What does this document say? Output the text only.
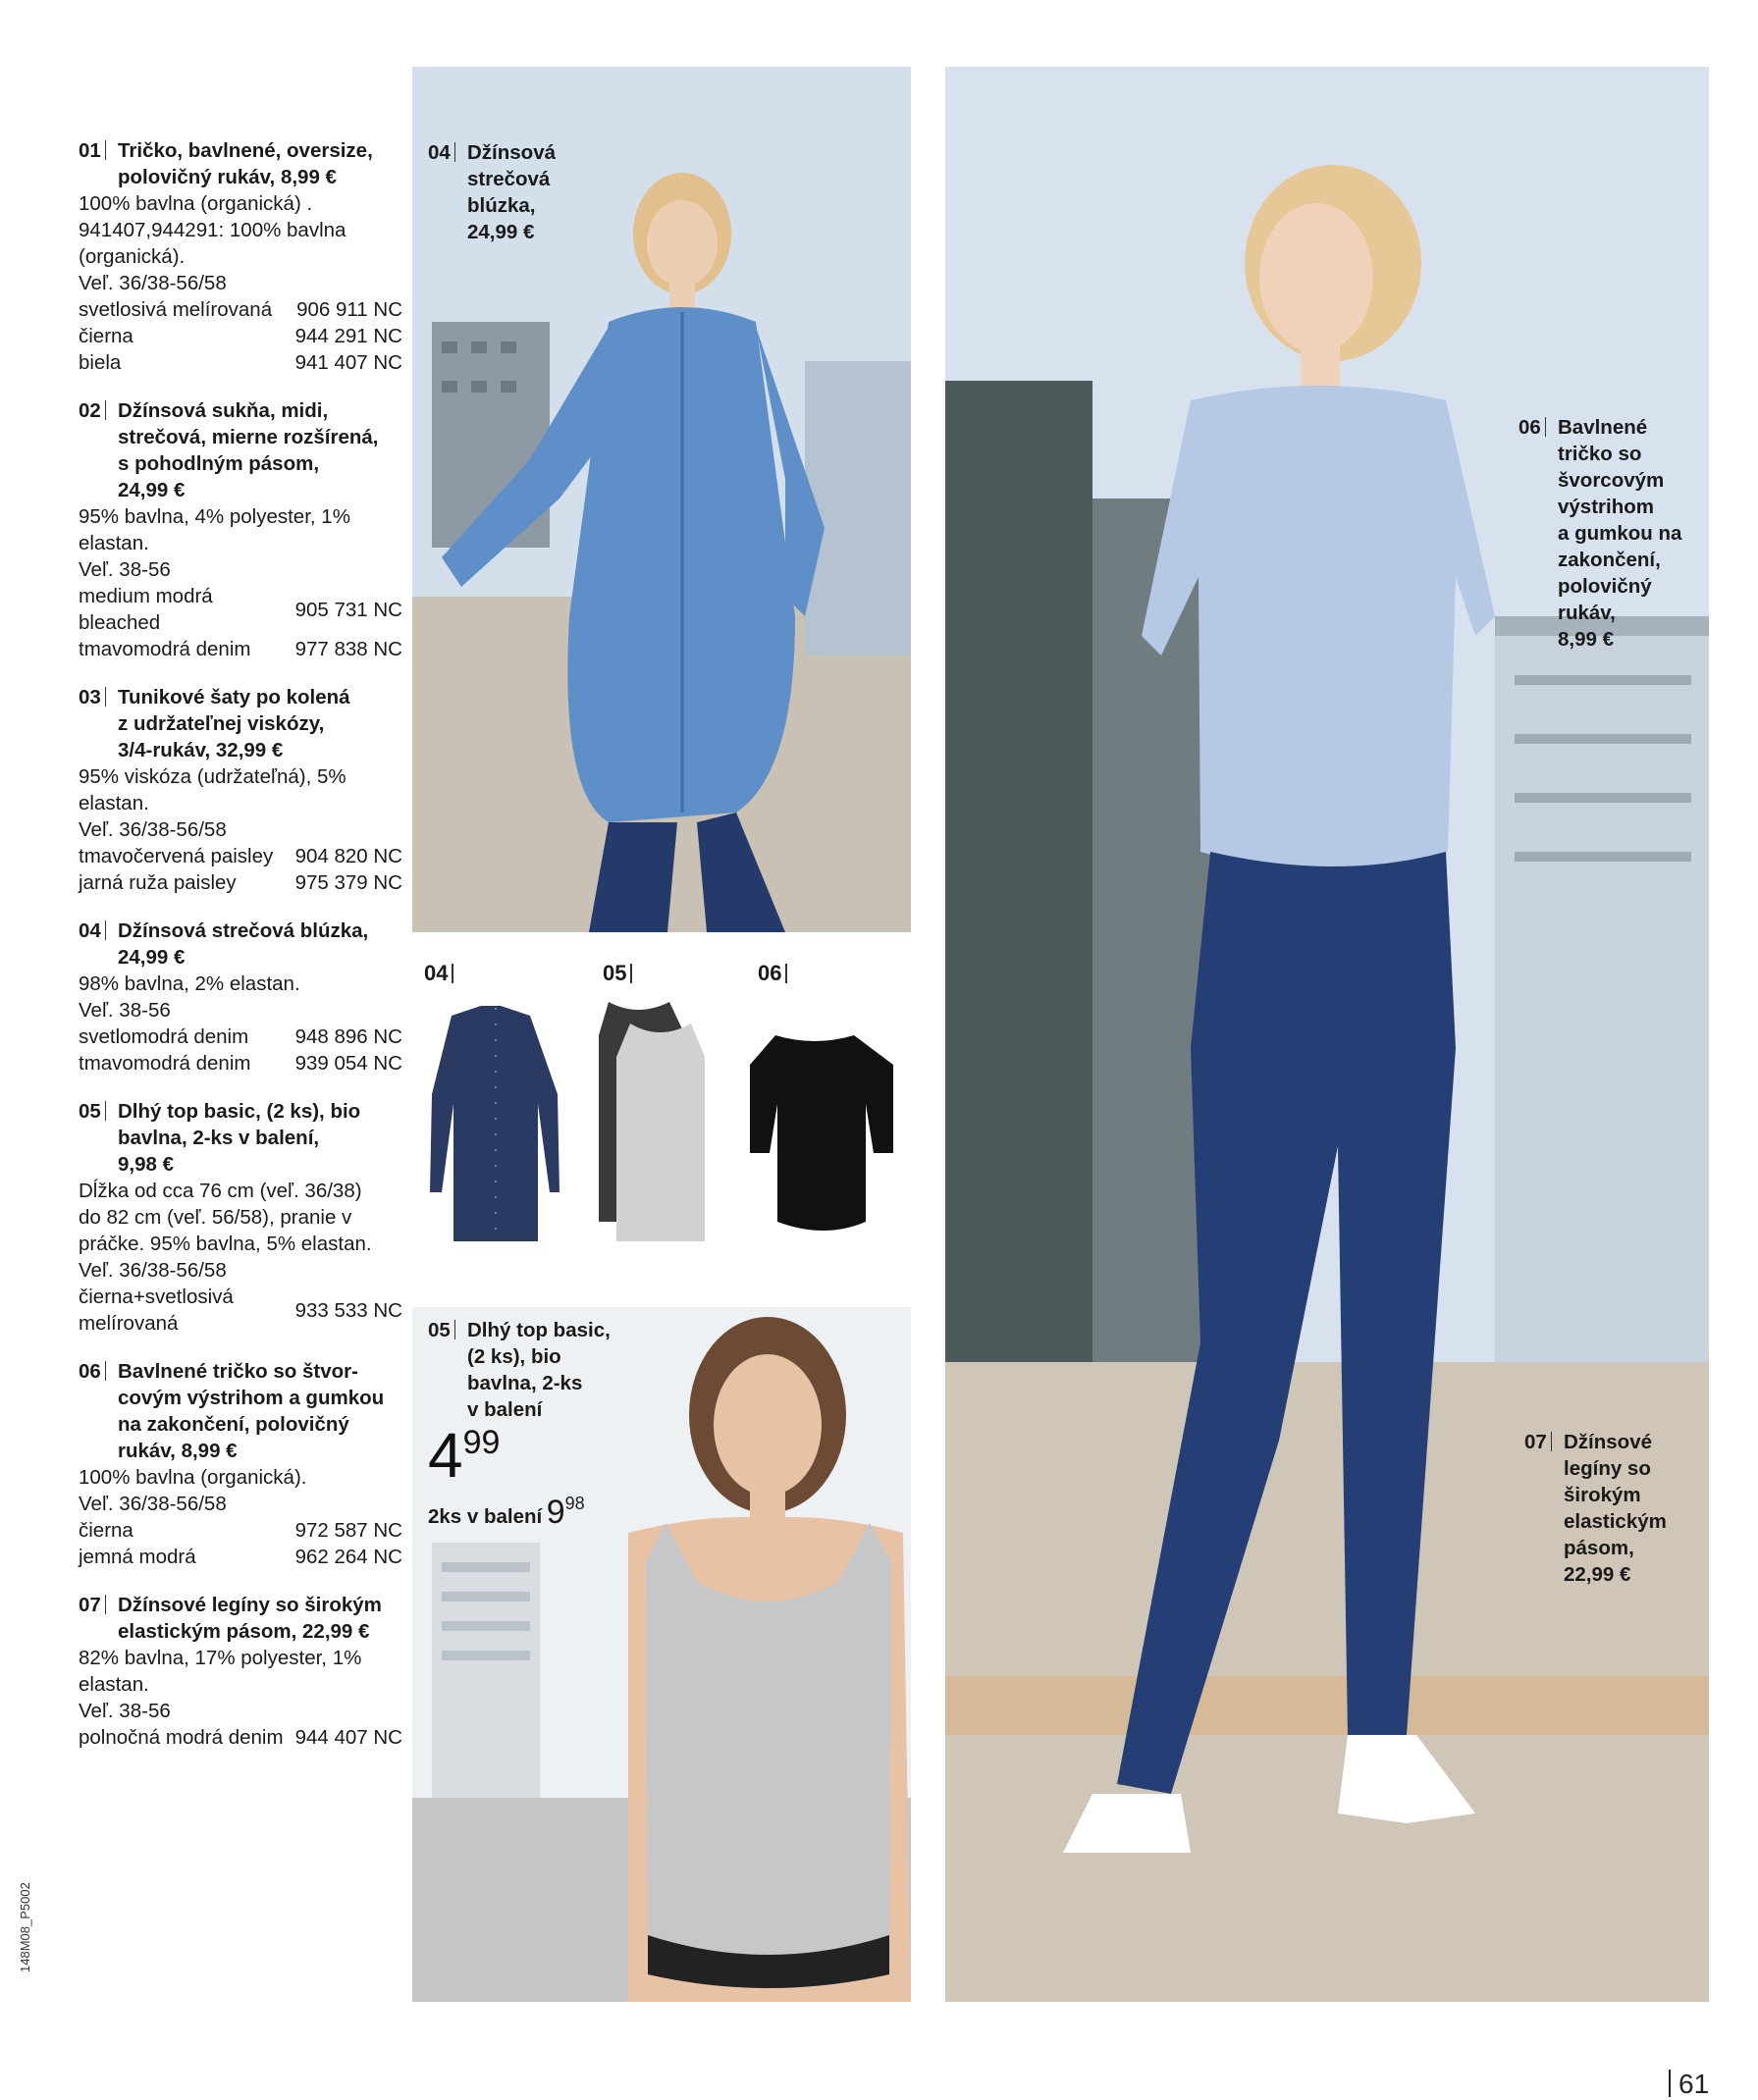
01 Tričko, bavlnené, oversize,
polovičný rukáv, 8,99 €
100% bavlna (organická) .
941407,944291: 100% bavlna
(organická).
Veľ. 36/38-56/58
svetlosivá melírovaná 906 911 NC
čierna	944 291 NC
biela	941 407 NC
02 Džínsová sukňa, midi,
strečová, mierne rozšírená,
s pohodlným pásom,
24,99 €
95% bavlna, 4% polyester, 1%
elastan.
Veľ. 38-56
medium modrá bleached
905 731 NC
tmavomodrá denim 977 838 NC
03 Tunikové šaty po kolená
z udržateľnej viskózy,
3/4-rukáv, 32,99 €
95% viskóza (udržateľná), 5%
elastan.
Veľ. 36/38-56/58
tmavočervená paisley 904 820 NC
jarná ruža paisley	975 379 NC
04 Džínsová strečová blúzka,
24,99 €
98% bavlna, 2% elastan.
Veľ. 38-56
svetlomodrá denim 948 896 NC
tmavomodrá denim 939 054 NC
05 Dlhý top basic, (2 ks), bio
bavlna, 2-ks v balení,
9,98 €
Dĺžka od cca 76 cm (veľ. 36/38)
do 82 cm (veľ. 56/58), pranie v
práčke. 95% bavlna, 5% elastan.
Veľ. 36/38-56/58
čierna+svetlosivá melírovaná
933 533 NC
06 Bavlnené tričko so štvor-
covým výstrihom a gumkou
na zakončení, polovičný
rukáv, 8,99 €
100% bavlna (organická).
Veľ. 36/38-56/58
čierna	972 587 NC
jemná modrá	962 264 NC
07 Džínsové legíny so širokým
elastickým pásom, 22,99 €
82% bavlna, 17% polyester, 1%
elastan.
Veľ. 38-56
polnočná modrá denim 944 407 NC
04 Džínsová
strečová
blúzka,
24,99 €
04	05	06
05 Dlhý top basic,
(2 ks), bio
bavlna, 2-ks
v balení
4 99
2ks v balení 998
06 Bavlnené
tričko so
švorcovým
výstrihom
a gumkou na
zakončení,
polovičný
rukáv,
8,99 €
07 Džínsové
legíny so
širokým
elastickým
pásom,
22,99 €
148M08_P5002
61
